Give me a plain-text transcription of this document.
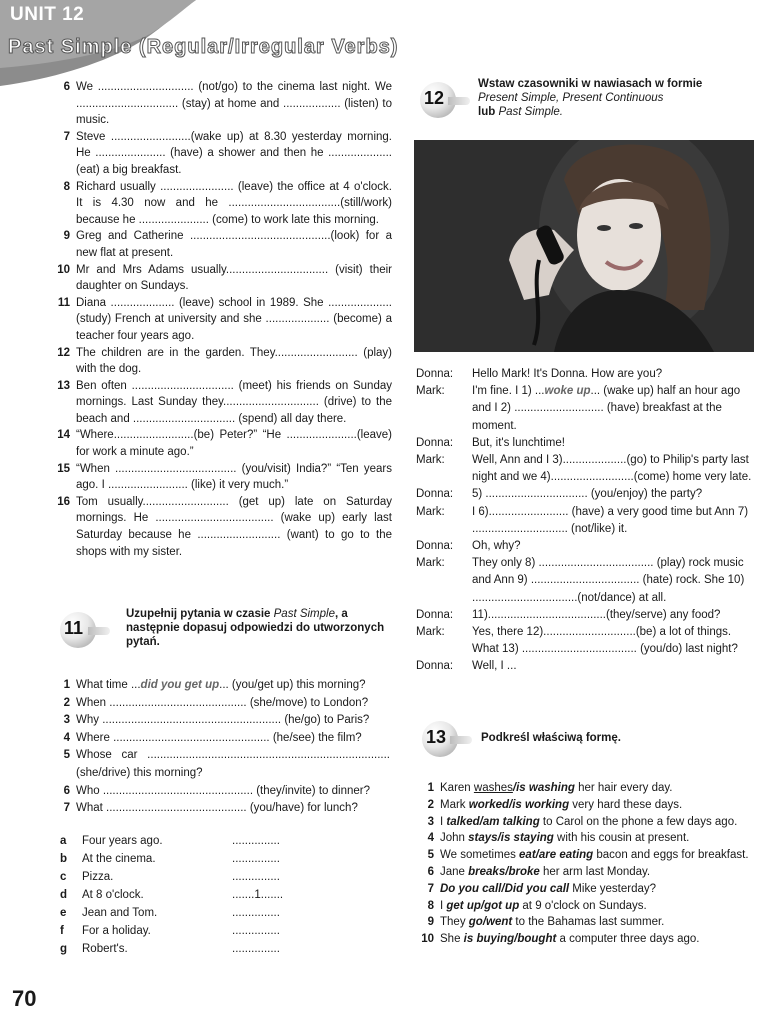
UNIT 12
Past Simple (Regular/Irregular Verbs)
6 We .............................. (not/go) to the cinema last night. We ................................ (stay) at home and .................. (listen) to music.
7 Steve .........................(wake up) at 8.30 yesterday morning. He ...................... (have) a shower and then he .................... (eat) a big breakfast.
8 Richard usually ....................... (leave) the office at 4 o'clock. It is 4.30 now and he ...................................(still/work) because he ...................... (come) to work late this morning.
9 Greg and Catherine ............................................(look) for a new flat at present.
10 Mr and Mrs Adams usually................................ (visit) their daughter on Sundays.
11 Diana .................... (leave) school in 1989. She .................... (study) French at university and she .................... (become) a teacher four years ago.
12 The children are in the garden. They.......................... (play) with the dog.
13 Ben often ................................ (meet) his friends on Sunday mornings. Last Sunday they.............................. (drive) to the beach and ................................ (spend) all day there.
14 “Where.........................(be) Peter?” “He ......................(leave) for work a minute ago.”
15 “When ...................................... (you/visit) India?” “Ten years ago. I ......................... (like) it very much.”
16 Tom usually........................... (get up) late on Saturday mornings. He ..................................... (wake up) early last Saturday because he .......................... (want) to go to the shops with my sister.
11
Uzupełnij pytania w czasie Past Simple, a następnie dopasuj odpowiedzi do utworzonych pytań.
1 What time ...did you get up... (you/get up) this morning?
2 When ........................................... (she/move) to London?
3 Why ........................................................ (he/go) to Paris?
4 Where ................................................. (he/see) the film?
5 Whose car ............................................................................ (she/drive) this morning?
6 Who ............................................... (they/invite) to dinner?
7 What ............................................ (you/have) for lunch?
a	Four years ago.	...............
b	At the cinema.	...............
c	Pizza.	...............
d	At 8 o'clock.	.......1.......
e	Jean and Tom.	...............
f	For a holiday.	...............
g	Robert's.	...............
12
Wstaw czasowniki w nawiasach w formie
Present Simple, Present Continuous
lub Past Simple.
Donna:	Hello Mark! It's Donna. How are you?
Mark:	I'm fine. I 1) ...woke up... (wake up) half an hour ago and I 2) ............................ (have) breakfast at the moment.
Donna:	But, it's lunchtime!
Mark:	Well, Ann and I 3)....................(go) to Philip's party last night and we 4)..........................(come) home very late.
Donna:	5) ................................ (you/enjoy) the party?
Mark:	I 6)......................... (have) a very good time but Ann 7) .............................. (not/like) it.
Donna:	Oh, why?
Mark:	They only 8) .................................... (play) rock music and Ann 9) .................................. (hate) rock. She 10) .................................(not/dance) at all.
Donna:	11).....................................(they/serve) any food?
Mark:	Yes, there 12).............................(be) a lot of things. What 13) .................................... (you/do) last night?
Donna:	Well, I ...
13	Podkreśl właściwą formę.
1 Karen washes/is washing her hair every day.
2 Mark worked/is working very hard these days.
3 I talked/am talking to Carol on the phone a few days ago.
4 John stays/is staying with his cousin at present.
5 We sometimes eat/are eating bacon and eggs for breakfast.
6 Jane breaks/broke her arm last Monday.
7 Do you call/Did you call Mike yesterday?
8 I get up/got up at 9 o'clock on Sundays.
9 They go/went to the Bahamas last summer.
10 She is buying/bought a computer three days ago.
70
